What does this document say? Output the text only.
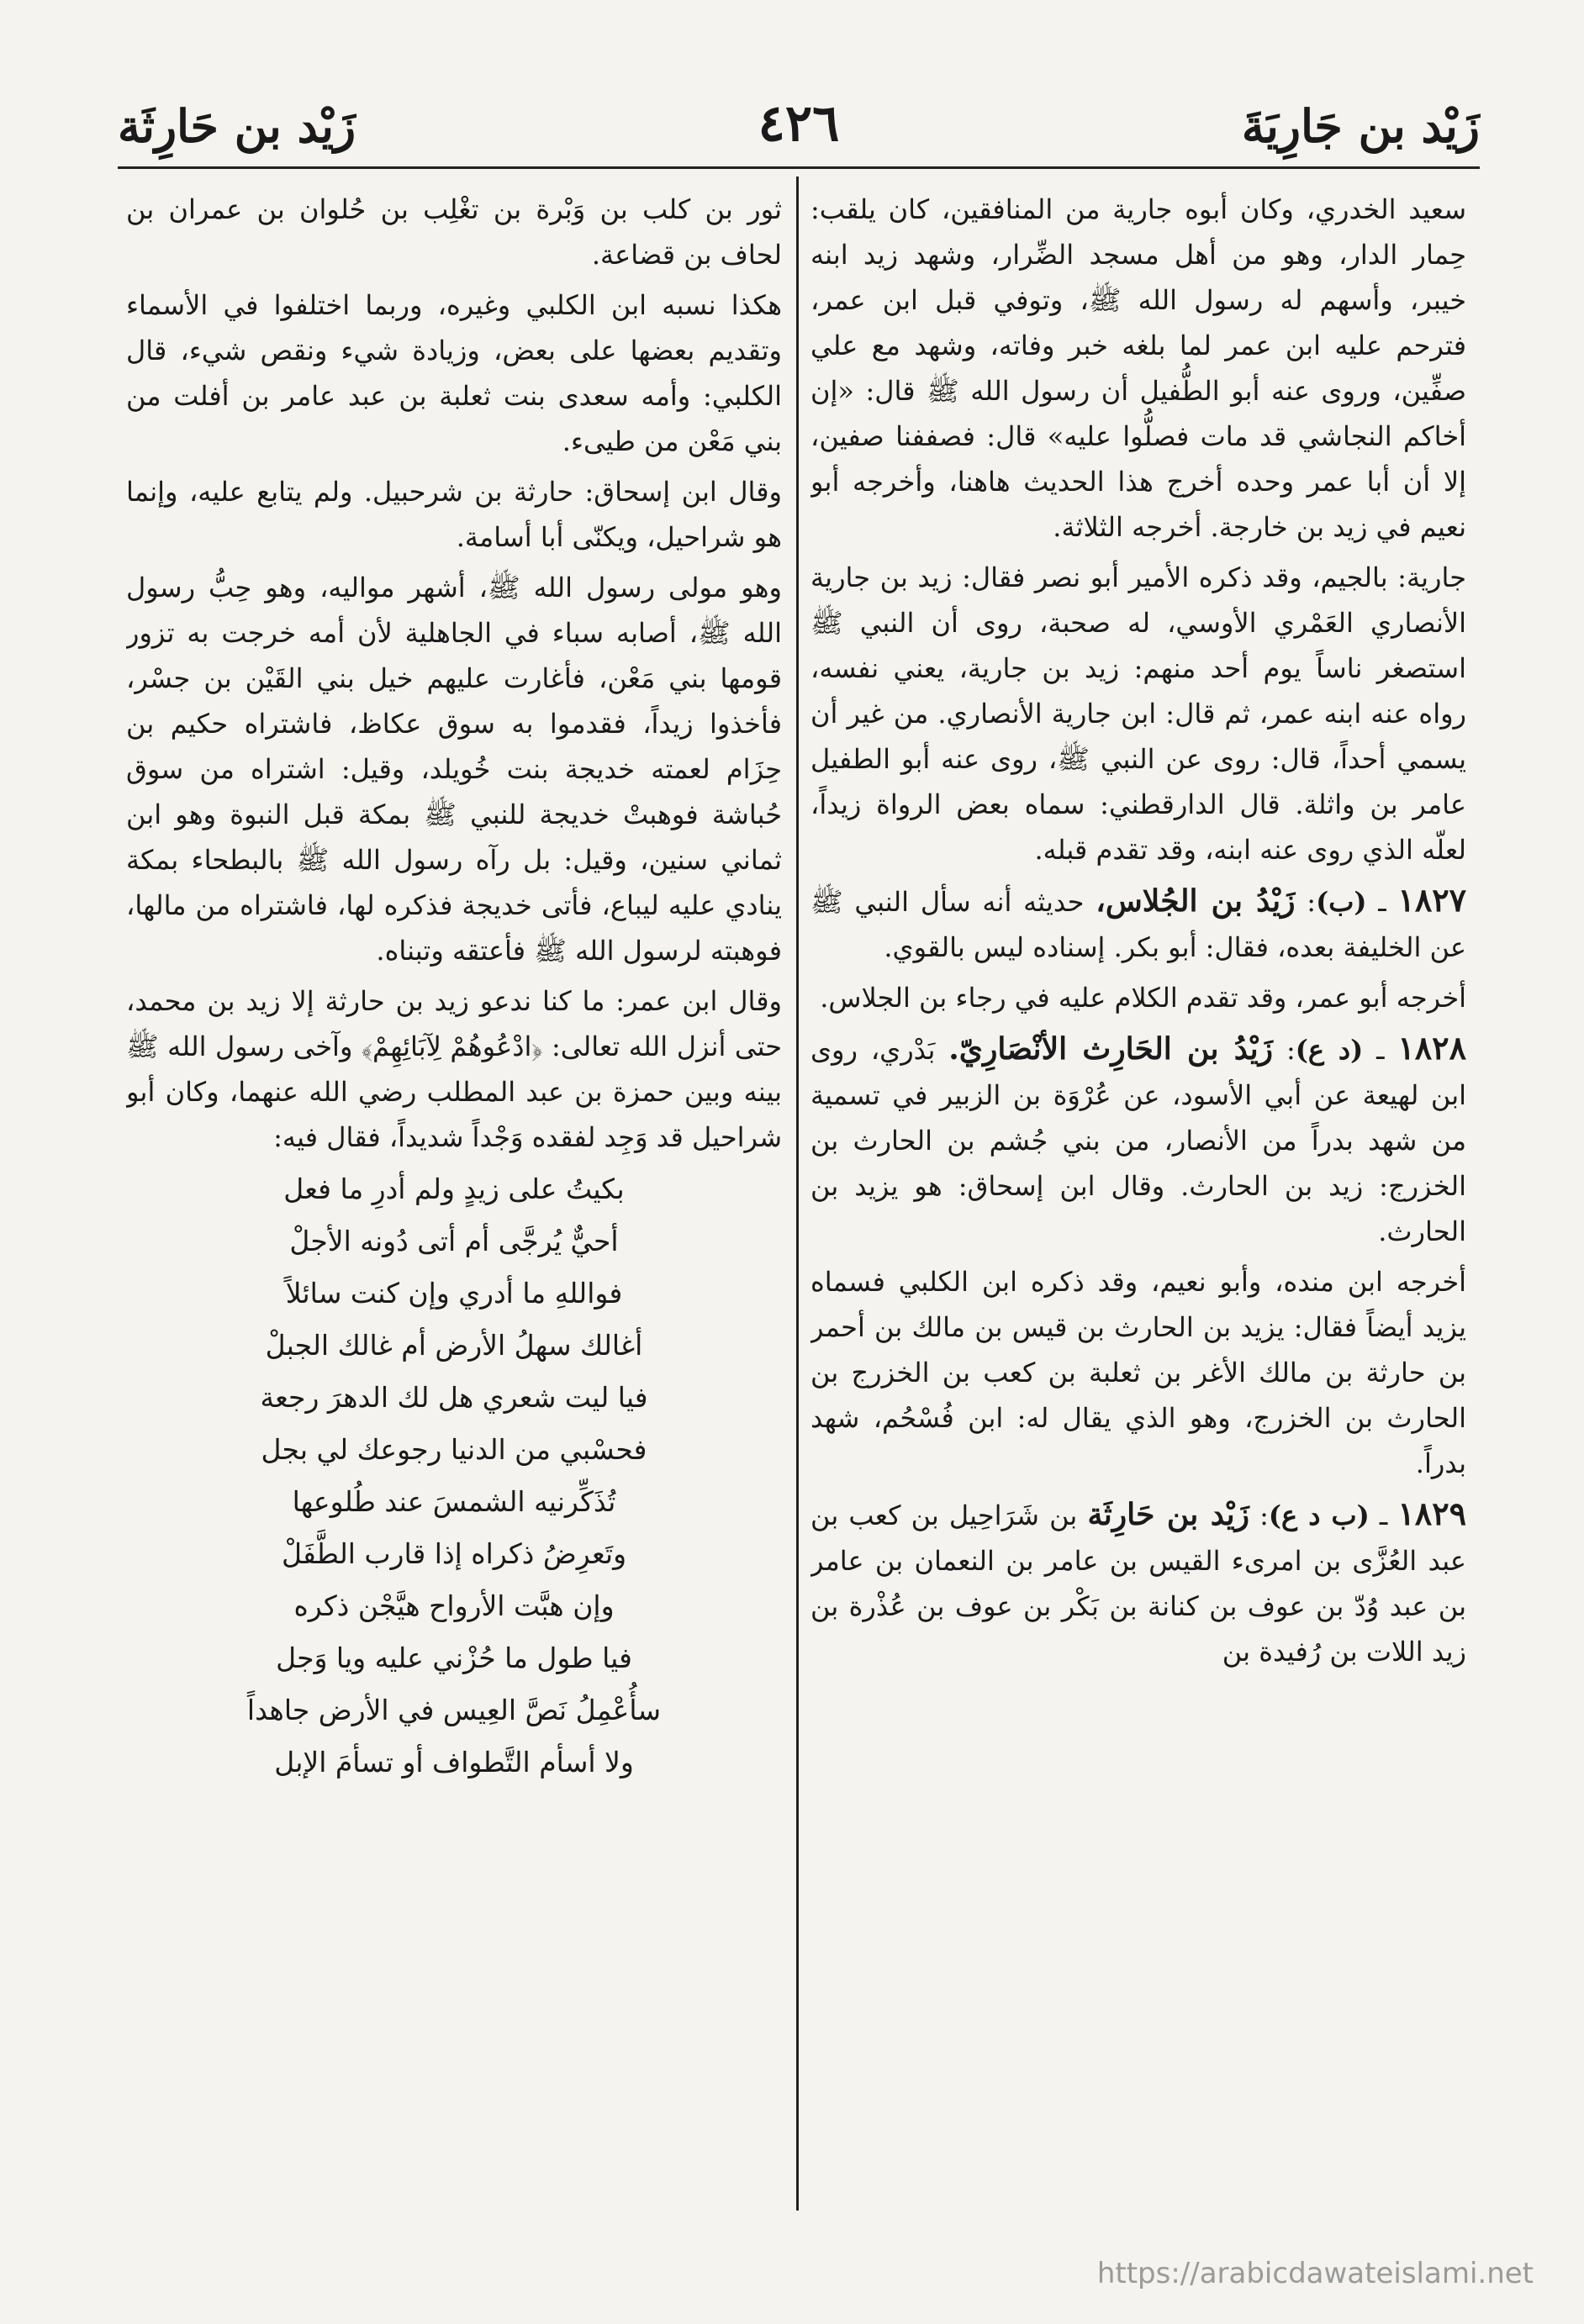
زَيْد بن جَارِيَةَ
٤٢٦
زَيْد بن حَارِثَة

سعيد الخدري، وكان أبوه جارية من المنافقين، كان يلقب: حِمار الدار، وهو من أهل مسجد الضِّرار، وشهد زيد ابنه خيبر، وأسهم له رسول الله ﷺ، وتوفي قبل ابن عمر، فترحم عليه ابن عمر لما بلغه خبر وفاته، وشهد مع علي صفِّين، وروى عنه أبو الطُّفيل أن رسول الله ﷺ قال: «إن أخاكم النجاشي قد مات فصلُّوا عليه» قال: فصففنا صفين، إلا أن أبا عمر وحده أخرج هذا الحديث هاهنا، وأخرجه أبو نعيم في زيد بن خارجة. أخرجه الثلاثة.

جارية: بالجيم، وقد ذكره الأمير أبو نصر فقال: زيد بن جارية الأنصاري العَمْري الأوسي، له صحبة، روى أن النبي ﷺ استصغر ناساً يوم أحد منهم: زيد بن جارية، يعني نفسه، رواه عنه ابنه عمر، ثم قال: ابن جارية الأنصاري. من غير أن يسمي أحداً، قال: روى عن النبي ﷺ، روى عنه أبو الطفيل عامر بن واثلة. قال الدارقطني: سماه بعض الرواة زيداً، لعلّه الذي روى عنه ابنه، وقد تقدم قبله.

١٨٢٧ ـ (ب): زَيْدُ بن الجُلاس، حديثه أنه سأل النبي ﷺ عن الخليفة بعده، فقال: أبو بكر. إسناده ليس بالقوي.

أخرجه أبو عمر، وقد تقدم الكلام عليه في رجاء بن الجلاس.

١٨٢٨ ـ (د ع): زَيْدُ بن الحَارِث الأنْصَارِيّ. بَدْري، روى ابن لهيعة عن أبي الأسود، عن عُرْوَة بن الزبير في تسمية من شهد بدراً من الأنصار، من بني جُشم بن الحارث بن الخزرج: زيد بن الحارث. وقال ابن إسحاق: هو يزيد بن الحارث.

أخرجه ابن منده، وأبو نعيم، وقد ذكره ابن الكلبي فسماه يزيد أيضاً فقال: يزيد بن الحارث بن قيس بن مالك بن أحمر بن حارثة بن مالك الأغر بن ثعلبة بن كعب بن الخزرج بن الحارث بن الخزرج، وهو الذي يقال له: ابن فُسْحُم، شهد بدراً.

١٨٢٩ ـ (ب د ع): زَيْد بن حَارِثَة بن شَرَاحِيل بن كعب بن عبد العُزَّى بن امرىء القيس بن عامر بن النعمان بن عامر بن عبد وُدّ بن عوف بن كنانة بن بَكْر بن عوف بن عُذْرة بن زيد اللات بن رُفيدة بن

ثور بن كلب بن وَبْرة بن تغْلِب بن حُلوان بن عمران بن لحاف بن قضاعة.

هكذا نسبه ابن الكلبي وغيره، وربما اختلفوا في الأسماء وتقديم بعضها على بعض، وزيادة شيء ونقص شيء، قال الكلبي: وأمه سعدى بنت ثعلبة بن عبد عامر بن أفلت من بني مَعْن من طيىء.

وقال ابن إسحاق: حارثة بن شرحبيل. ولم يتابع عليه، وإنما هو شراحيل، ويكنّى أبا أسامة.

وهو مولى رسول الله ﷺ، أشهر مواليه، وهو حِبُّ رسول الله ﷺ، أصابه سباء في الجاهلية لأن أمه خرجت به تزور قومها بني مَعْن، فأغارت عليهم خيل بني القَيْن بن جسْر، فأخذوا زيداً، فقدموا به سوق عكاظ، فاشتراه حكيم بن حِزَام لعمته خديجة بنت خُويلد، وقيل: اشتراه من سوق حُباشة فوهبتْ خديجة للنبي ﷺ بمكة قبل النبوة وهو ابن ثماني سنين، وقيل: بل رآه رسول الله ﷺ بالبطحاء بمكة ينادي عليه ليباع، فأتى خديجة فذكره لها، فاشتراه من مالها، فوهبته لرسول الله ﷺ فأعتقه وتبناه.

وقال ابن عمر: ما كنا ندعو زيد بن حارثة إلا زيد بن محمد، حتى أنزل الله تعالى: ﴿ادْعُوهُمْ لِآبَائِهِمْ﴾ وآخى رسول الله ﷺ بينه وبين حمزة بن عبد المطلب رضي الله عنهما، وكان أبو شراحيل قد وَجِد لفقده وَجْداً شديداً، فقال فيه:

بكيتُ على زيدٍ ولم أدرِ ما فعل
أحيٌّ يُرجَّى أم أتى دُونه الأجلْ
فواللهِ ما أدري وإن كنت سائلاً
أغالك سهلُ الأرض أم غالك الجبلْ
فيا ليت شعري هل لك الدهرَ رجعة
فحسْبي من الدنيا رجوعك لي بجل
تُذَكِّرنيه الشمسَ عند طُلوعها
وتَعرِضُ ذكراه إذا قارب الطَّفَلْ
وإن هبَّت الأرواح هيَّجْن ذكره
فيا طول ما حُزْني عليه ويا وَجل
سأُعْمِلُ نَصَّ العِيس في الأرض جاهداً
ولا أسأم التَّطواف أو تسأمَ الإبل
https://arabicdawateislami.net
